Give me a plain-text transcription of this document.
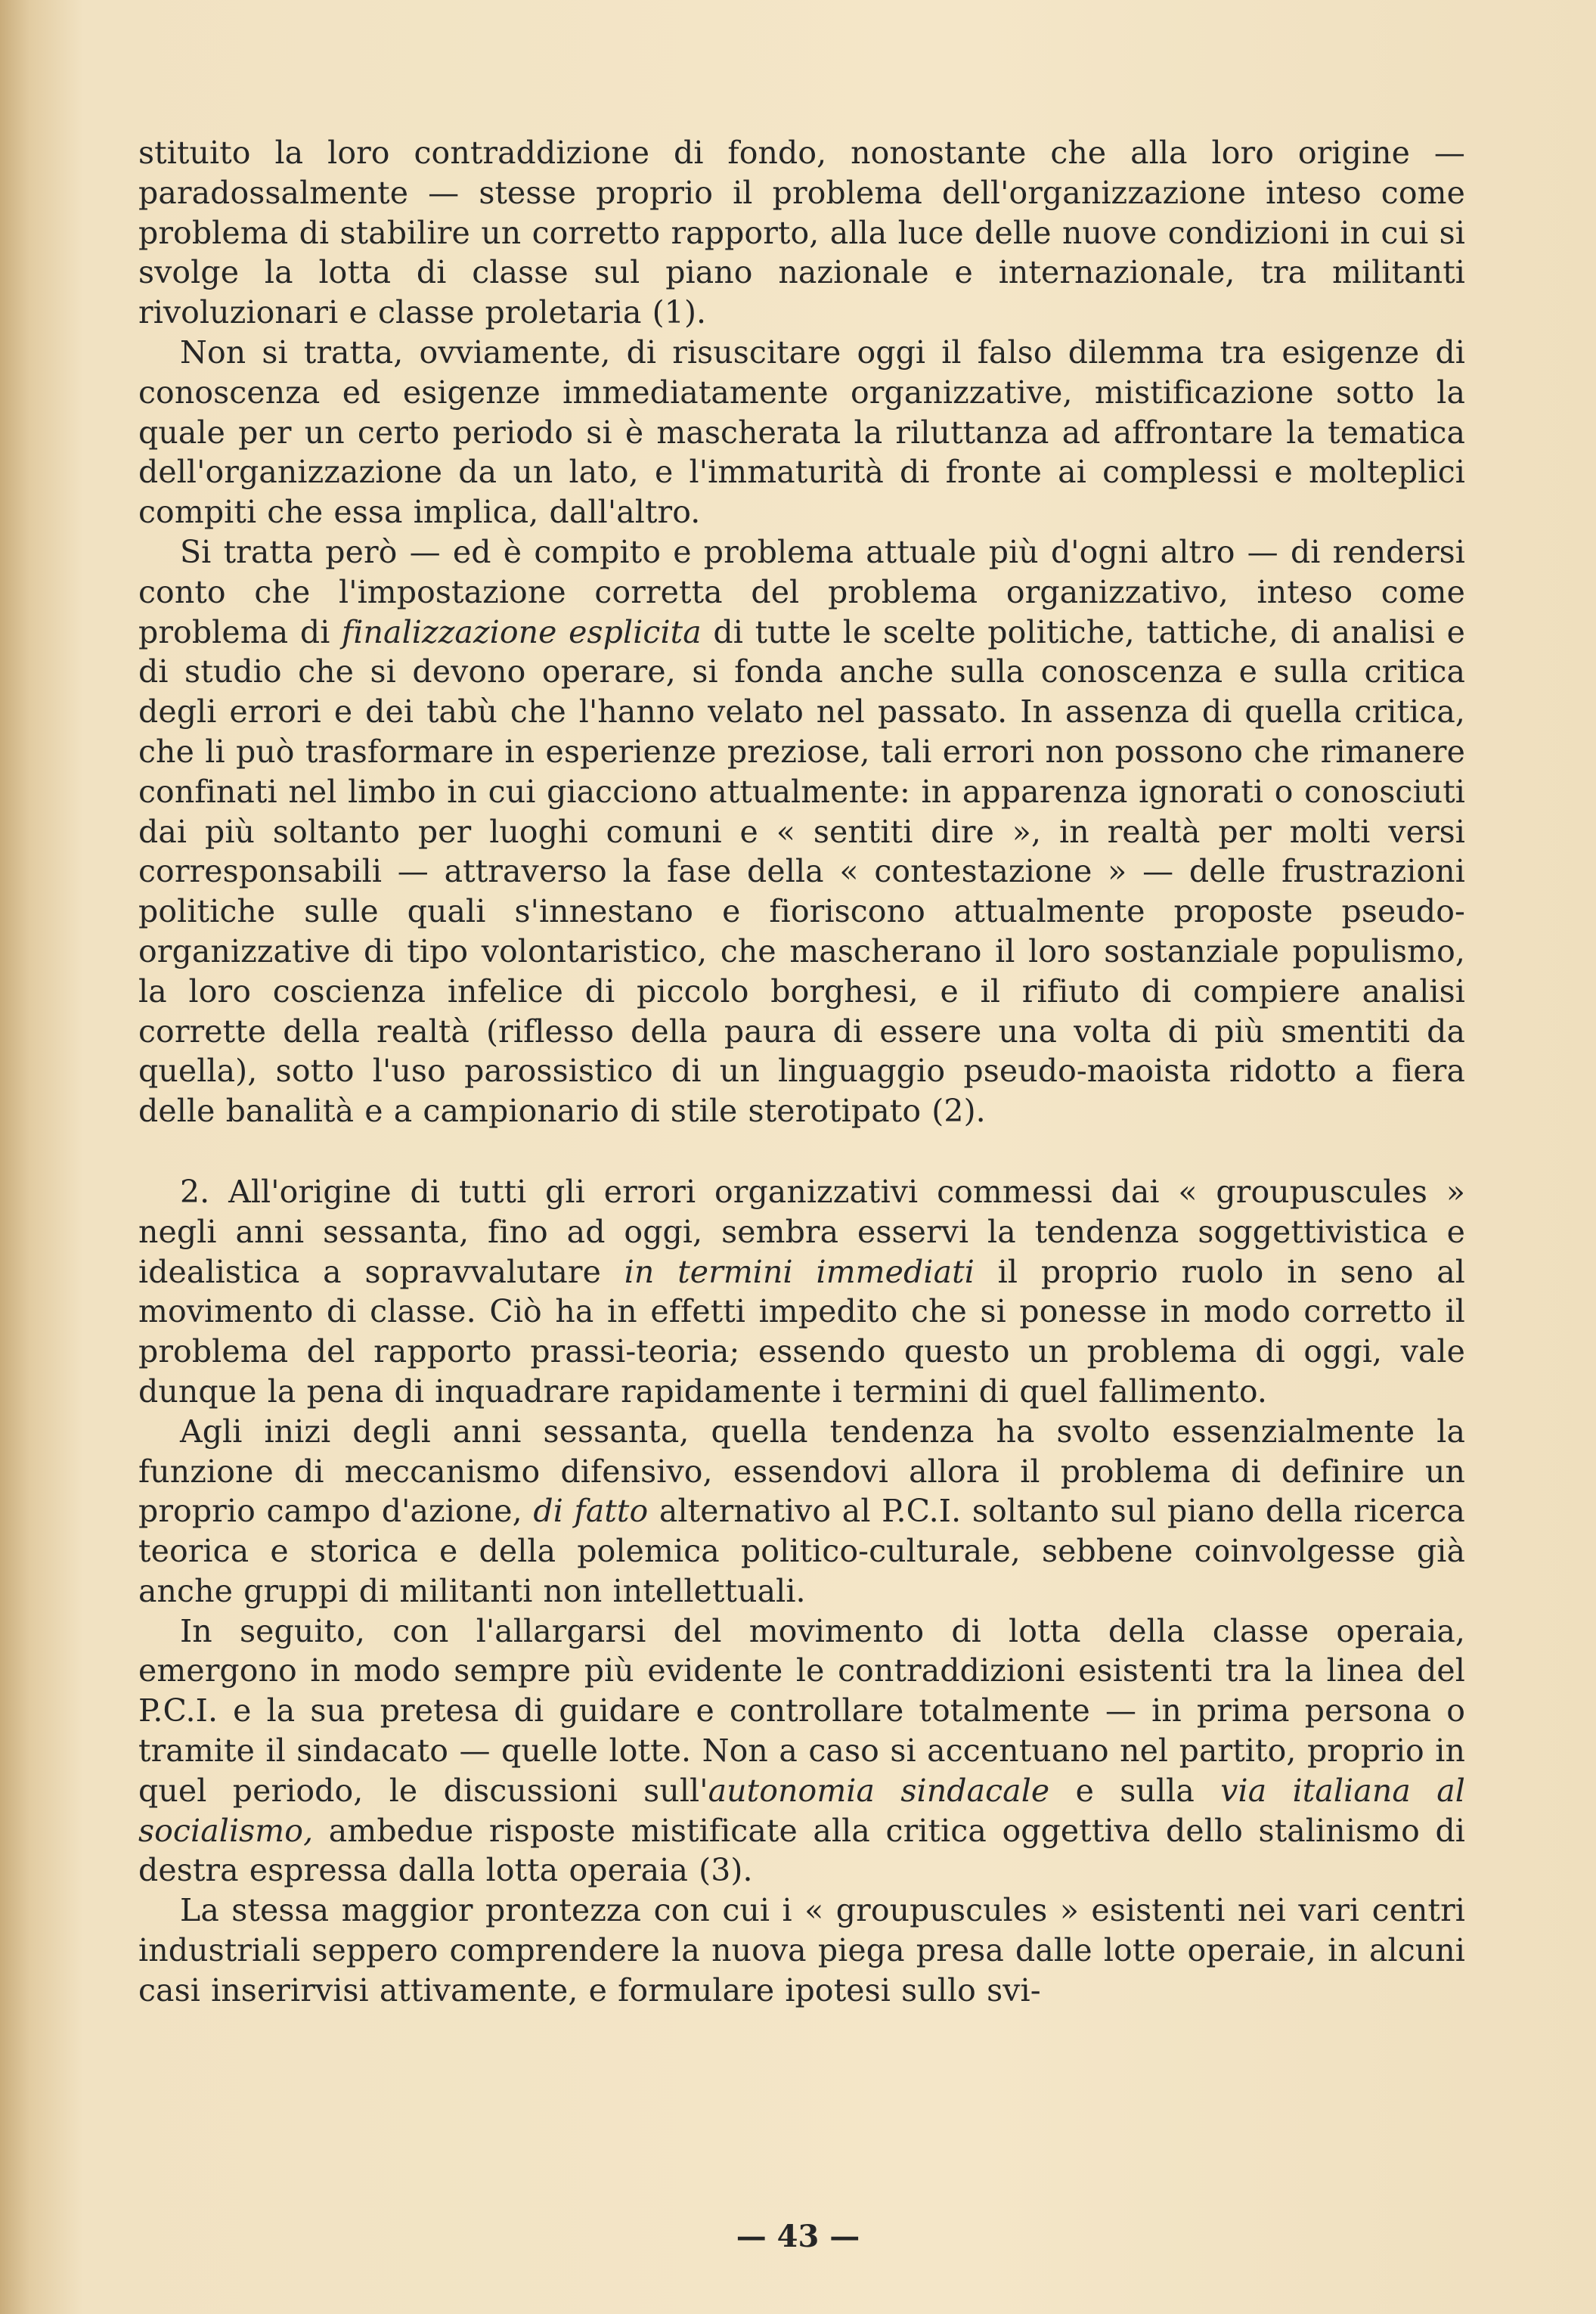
stituito la loro contraddizione di fondo, nonostante che alla loro origine — paradossalmente — stesse proprio il problema dell'organizzazione inteso come problema di stabilire un corretto rapporto, alla luce delle nuove condizioni in cui si svolge la lotta di classe sul piano nazionale e internazionale, tra militanti rivoluzionari e classe proletaria (1).

Non si tratta, ovviamente, di risuscitare oggi il falso dilemma tra esigenze di conoscenza ed esigenze immediatamente organizzative, mistificazione sotto la quale per un certo periodo si è mascherata la riluttanza ad affrontare la tematica dell'organizzazione da un lato, e l'immaturità di fronte ai complessi e molteplici compiti che essa implica, dall'altro.

Si tratta però — ed è compito e problema attuale più d'ogni altro — di rendersi conto che l'impostazione corretta del problema organizzativo, inteso come problema di finalizzazione esplicita di tutte le scelte politiche, tattiche, di analisi e di studio che si devono operare, si fonda anche sulla conoscenza e sulla critica degli errori e dei tabù che l'hanno velato nel passato. In assenza di quella critica, che li può trasformare in esperienze preziose, tali errori non possono che rimanere confinati nel limbo in cui giacciono attualmente: in apparenza ignorati o conosciuti dai più soltanto per luoghi comuni e « sentiti dire », in realtà per molti versi corresponsabili — attraverso la fase della « contestazione » — delle frustrazioni politiche sulle quali s'innestano e fioriscono attualmente proposte pseudo-organizzative di tipo volontaristico, che mascherano il loro sostanziale populismo, la loro coscienza infelice di piccolo borghesi, e il rifiuto di compiere analisi corrette della realtà (riflesso della paura di essere una volta di più smentiti da quella), sotto l'uso parossistico di un linguaggio pseudo-maoista ridotto a fiera delle banalità e a campionario di stile sterotipato (2).

2. All'origine di tutti gli errori organizzativi commessi dai « groupuscules » negli anni sessanta, fino ad oggi, sembra esservi la tendenza soggettivistica e idealistica a sopravvalutare in termini immediati il proprio ruolo in seno al movimento di classe. Ciò ha in effetti impedito che si ponesse in modo corretto il problema del rapporto prassi-teoria; essendo questo un problema di oggi, vale dunque la pena di inquadrare rapidamente i termini di quel fallimento.

Agli inizi degli anni sessanta, quella tendenza ha svolto essenzialmente la funzione di meccanismo difensivo, essendovi allora il problema di definire un proprio campo d'azione, di fatto alternativo al P.C.I. soltanto sul piano della ricerca teorica e storica e della polemica politico-culturale, sebbene coinvolgesse già anche gruppi di militanti non intellettuali.

In seguito, con l'allargarsi del movimento di lotta della classe operaia, emergono in modo sempre più evidente le contraddizioni esistenti tra la linea del P.C.I. e la sua pretesa di guidare e controllare totalmente — in prima persona o tramite il sindacato — quelle lotte. Non a caso si accentuano nel partito, proprio in quel periodo, le discussioni sull'autonomia sindacale e sulla via italiana al socialismo, ambedue risposte mistificate alla critica oggettiva dello stalinismo di destra espressa dalla lotta operaia (3).

La stessa maggior prontezza con cui i « groupuscules » esistenti nei vari centri industriali seppero comprendere la nuova piega presa dalle lotte operaie, in alcuni casi inserirvisi attivamente, e formulare ipotesi sullo svi-

— 43 —
